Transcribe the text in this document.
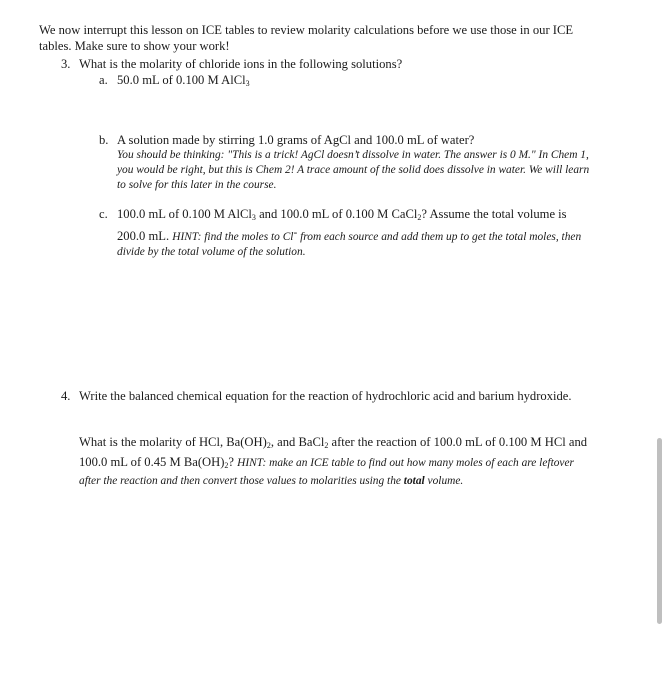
We now interrupt this lesson on ICE tables to review molarity calculations before we use those in our ICE
tables. Make sure to show your work!
3. What is the molarity of chloride ions in the following solutions?
a. 50.0 mL of 0.100 M AlCl$_3$
b. A solution made by stirring 1.0 grams of AgCl and 100.0 mL of water?
You should be thinking: "This is a trick! AgCl doesn’t dissolve in water. The answer is 0 M." In Chem 1,
you would be right, but this is Chem 2! A trace amount of the solid does dissolve in water. We will learn
to solve for this later in the course.
c. 100.0 mL of 0.100 M AlCl$_3$ and 100.0 mL of 0.100 M CaCl$_2$? Assume the total volume is
200.0 mL. HINT: find the moles to Cl- from each source and add them up to get the total moles, then
divide by the total volume of the solution.
4. Write the balanced chemical equation for the reaction of hydrochloric acid and barium hydroxide.
What is the molarity of HCl, $Ba(OH)_2$, and BaCl$_2$ after the reaction of 100.0 mL of 0.100 M HCl and
100.0 mL of 0.45 M $Ba(OH)_2$? HINT: make an ICE table to find out how many moles of each are leftover
after the reaction and then convert those values to molarities using the total volume.
